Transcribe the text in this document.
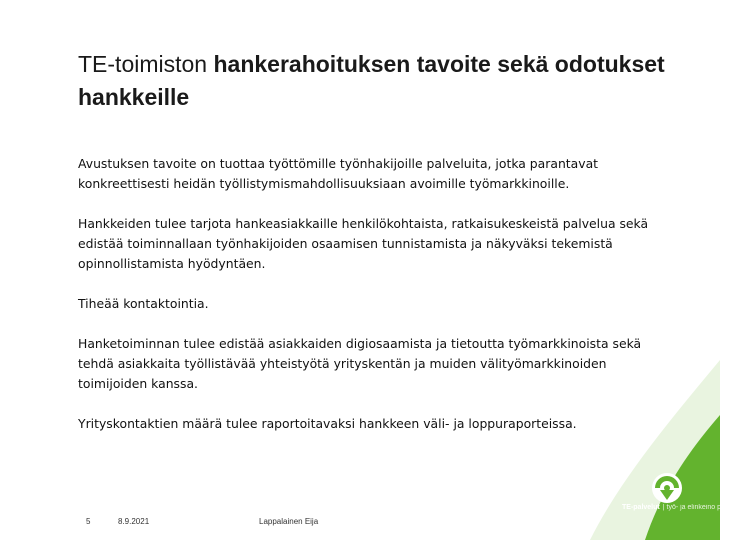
TE-toimiston hankerahoituksen tavoite sekä odotukset hankkeille

Avustuksen tavoite on tuottaa työttömille työnhakijoille palveluita, jotka parantavat konkreettisesti heidän työllistymismahdollisuuksiaan avoimille työmarkkinoille.

Hankkeiden tulee tarjota hankeasiakkaille henkilökohtaista, ratkaisukeskeistä palvelua sekä edistää toiminnallaan työnhakijoiden osaamisen tunnistamista ja näkyväksi tekemistä opinnollistamista hyödyntäen.

Tiheää kontaktointia.

Hanketoiminnan tulee edistää asiakkaiden digiosaamista ja tietoutta työmarkkinoista sekä tehdä asiakkaita työllistävää yhteistyötä yrityskentän ja muiden välityömarkkinoiden toimijoiden kanssa.

Yrityskontaktien määrä tulee raportoitavaksi hankkeen väli- ja loppuraporteissa.

TE-palvelut | työ- ja elinkeino palvelut
5	8.9.2021	Lappalainen Eija
